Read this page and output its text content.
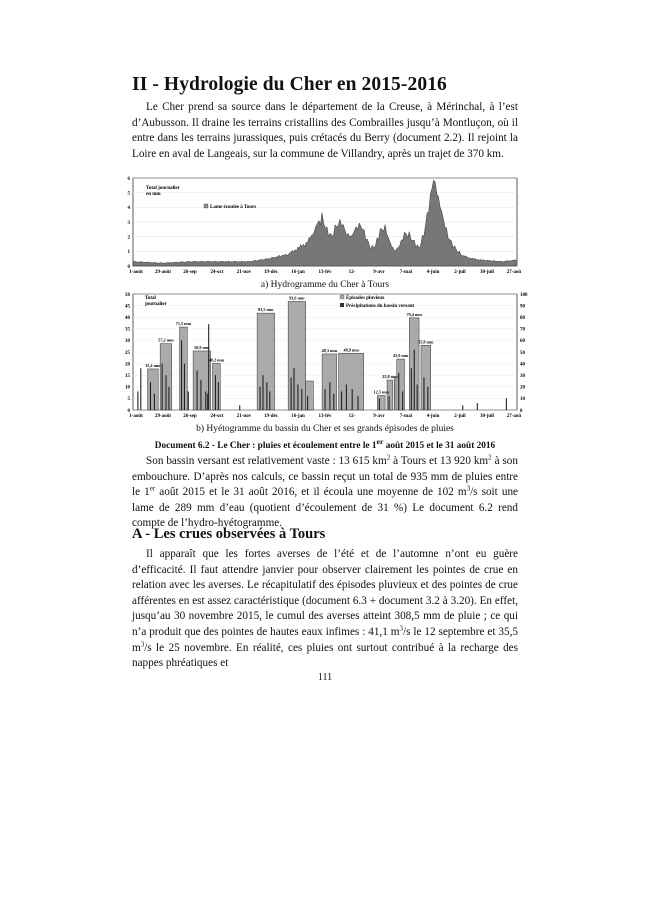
II - Hydrologie du Cher en 2015-2016

Le Cher prend sa source dans le département de la Creuse, à Mérinchal, à l’est d’Aubusson. Il draine les terrains cristallins des Combrailles jusqu’à Montluçon, où il entre dans les terrains jurassiques, puis crétacés du Berry (document 2.2). Il rejoint la Loire en aval de Langeais, sur la commune de Villandry, après un trajet de 370 km.

0
1
2
3
4
5
6
1-août 29-août 26-sep	24-oct	21-nov	19-déc	16-jan	13-fév	12-	9-avr	7-mai	4-juin	2-juil	30-juil	27-aoû
Total journalier en mm
Lame écoulée à Tours

a) Hydrogramme du Cher à Tours

35,4 mm
57,2 mm
71,5 mm
50,9 mm
40,2 mm
83,5 mm
93,6 mm
48,3 mm 48,9 mm
12,5 mm
25,8 mm
43,9 mm
79,4 mm
55,8 mm
0
5
10
15
20
25
30
35
40
45
50
0
10
20
30
40
50
60
70
80
90
100
1-août 29-août 26-sep	24-oct	21-nov	19-déc	16-jan	13-fév	12-	9-avr	7-mai	4-juin	2-juil	30-juil	27-aoû
Total journalier
Épisodes pluvieux
Précipitations du bassin versant

b) Hyétogramme du bassin du Cher et ses grands épisodes de pluies

Document 6.2 - Le Cher : pluies et écoulement entre le 1er août 2015 et le 31 août 2016

Son bassin versant est relativement vaste : 13 615 $km^2$ à Tours et 13 920 $km^2$ à son embouchure. D’après nos calculs, ce bassin reçut un total de 935 mm de pluies entre le 1er août 2015 et le 31 août 2016, et il écoula une moyenne de 102 $m^3/s$ soit une lame de 289 mm d’eau (quotient d’écoulement de 31 %) Le document 6.2 rend compte de l’hydro-hyétogramme.

A - Les crues observées à Tours

Il apparaît que les fortes averses de l’été et de l’automne n’ont eu guère d’efficacité. Il faut attendre janvier pour observer clairement les pointes de crue en relation avec les averses. Le récapitulatif des épisodes pluvieux et des pointes de crue afférentes en est assez caractéristique (document 6.3 + document 3.2 à 3.20). En effet, jusqu’au 30 novembre 2015, le cumul des averses atteint 308,5 mm de pluie ; ce qui n’a produit que des pointes de hautes eaux infimes : 41,1 $m^3/s$ le 12 septembre et 35,5 $m^3/s$ le 25 novembre. En réalité, ces pluies ont surtout contribué à la recharge des nappes phréatiques et

111
